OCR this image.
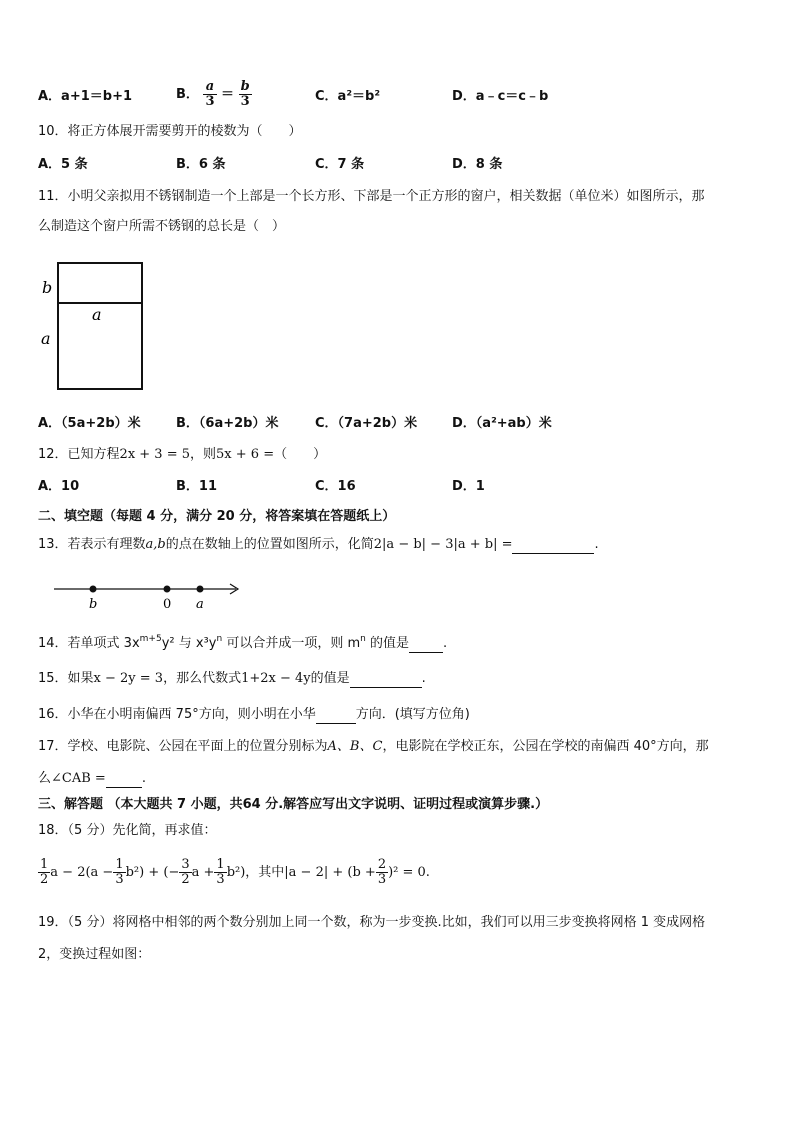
A．a+1＝b+1	B． $\frac{a}{3} = \frac{b}{3}$	C．a²＝b²	D．a﹣c＝c﹣b
10．将正方体展开需要剪开的棱数为（　　）
A．5 条	B．6 条	C．7 条	D．8 条
11．小明父亲拟用不锈钢制造一个上部是一个长方形、下部是一个正方形的窗户，相关数据（单位米）如图所示，那
么制造这个窗户所需不锈钢的总长是（　）
b
a
a
A．（5a+2b）米	B．（6a+2b）米	C．（7a+2b）米	D．（a²+ab）米
12．已知方程2x + 3 = 5，则5x + 6 =（　　）
A．10	B．11	C．16	D．1
二、填空题（每题 4 分，满分 20 分，将答案填在答题纸上）
13．若表示有理数a,b的点在数轴上的位置如图所示，化简2|a − b| − 3|a + b| =	.
b	0 a
14．若单项式 $3x^{m+5}y^2$ 与 $x^3y^n$ 可以合并成一项，则 $m^n$ 的值是	.
15．如果x − 2y = 3，那么代数式1+2x − 4y的值是	.
16．小华在小明南偏西 75°方向，则小明在小华	方向．(填写方位角)
17．学校、电影院、公园在平面上的位置分别标为A、B、C，电影院在学校正东，公园在学校的南偏西 40°方向，那
么∠CAB =	.
三、解答题 （本大题共 7 小题，共64 分.解答应写出文字说明、证明过程或演算步骤.）
18．（5 分）先化简，再求值：
$\frac{1}{2}$ $a - 2(a - \frac{1}{3} b^2)$ + (− $\frac{3}{2}$ $a + \frac{1}{3} b^2$)，其中$|a - 2| + (b + \frac{2}{3} )^2 = 0$.
19．（5 分）将网格中相邻的两个数分别加上同一个数，称为一步变换.比如，我们可以用三步变换将网格 1 变成网格
2，变换过程如图：
